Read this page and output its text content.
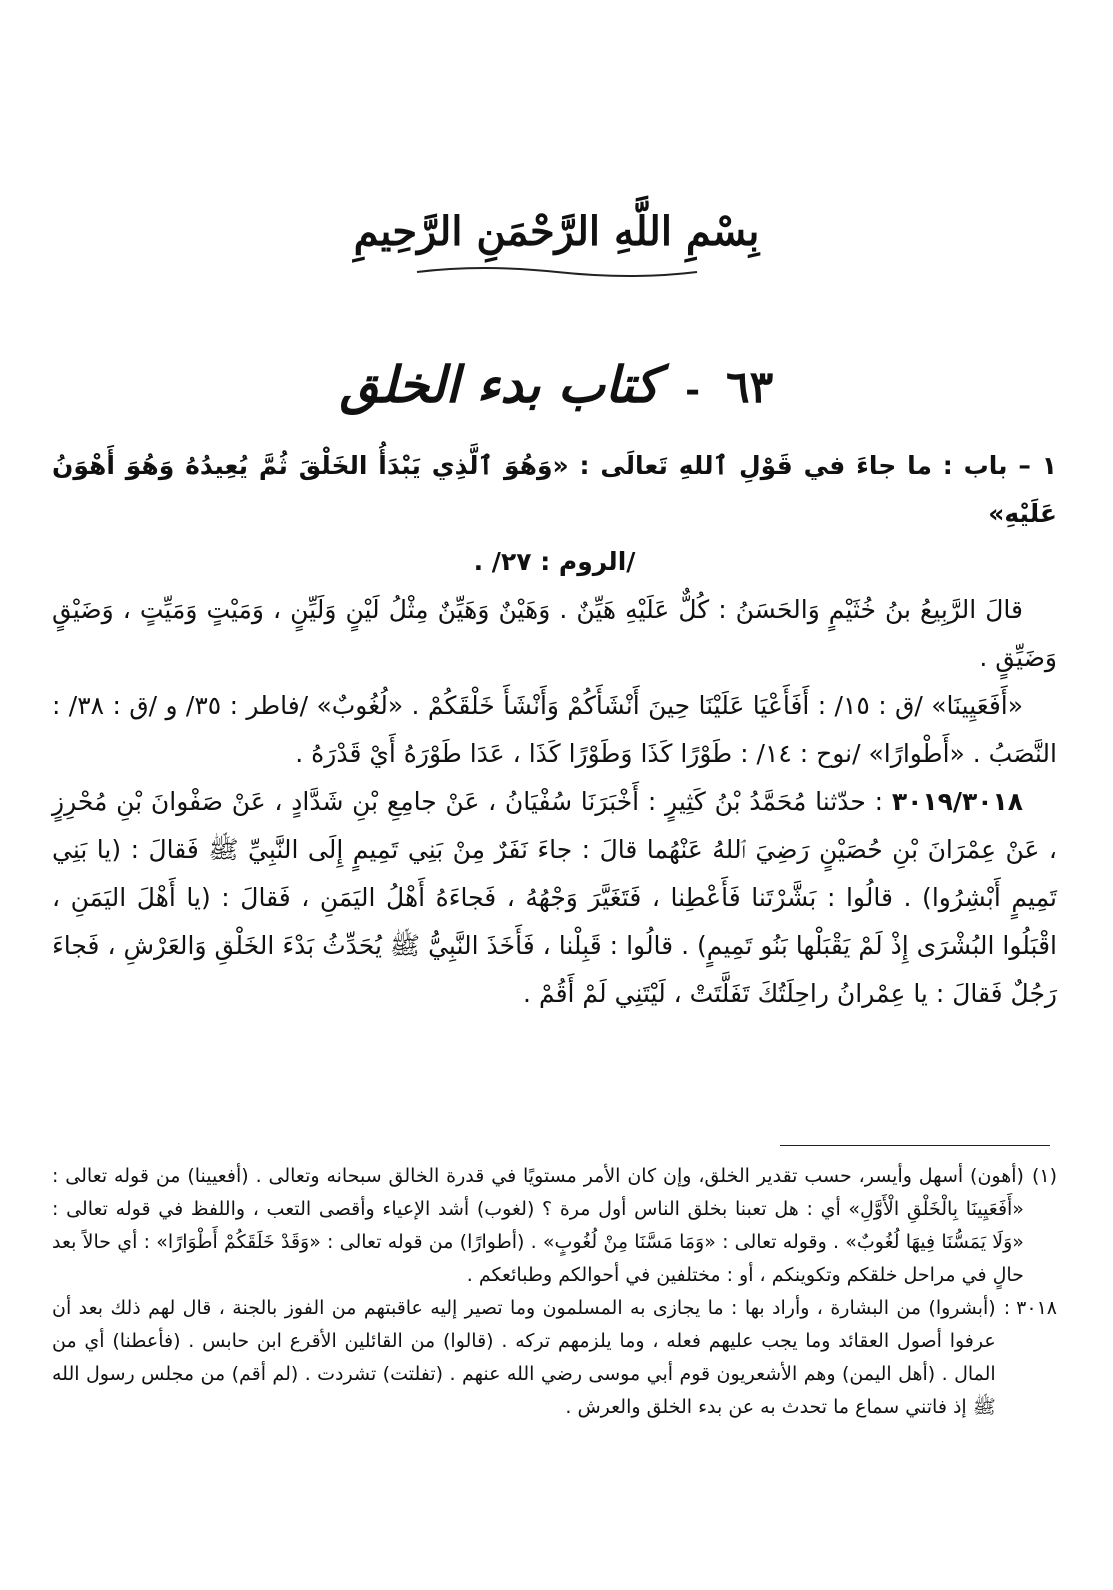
بِسْمِ اللَّهِ الرَّحْمَنِ الرَّحِيمِ
٦٣
-
كتاب بدء الخلق

١ – باب : ما جاءَ في قَوْلِ ٱللهِ تَعالَى : «وَهُوَ ٱلَّذِي يَبْدَأُ الخَلْقَ ثُمَّ يُعِيدُهُ وَهُوَ أَهْوَنُ عَلَيْهِ»

/الروم : ٢٧/ .

قالَ الرَّبِيعُ بنُ خُثَيْمٍ وَالحَسَنُ : كُلٌّ عَلَيْهِ هَيِّنٌ . وَهَيْنٌ وَهَيِّنٌ مِثْلُ لَيْنٍ وَلَيِّنٍ ، وَمَيْتٍ وَمَيِّتٍ ، وَضَيْقٍ وَضَيِّقٍ .

«أَفَعَيِينَا» /ق : ١٥/ : أَفَأَعْيَا عَلَيْنَا حِينَ أَنْشَأَكُمْ وَأَنْشَأَ خَلْقَكُمْ . «لُغُوبٌ» /فاطر : ٣٥/ و /ق : ٣٨/ : النَّصَبُ . «أَطْوارًا» /نوح : ١٤/ : طَوْرًا كَذَا وَطَوْرًا كَذَا ، عَدَا طَوْرَهُ أَيْ قَدْرَهُ .

٣٠١٩/٣٠١٨ : حدّثنا مُحَمَّدُ بْنُ كَثِيرٍ : أَخْبَرَنَا سُفْيَانُ ، عَنْ جامِعِ بْنِ شَدَّادٍ ، عَنْ صَفْوانَ بْنِ مُحْرِزٍ ، عَنْ عِمْرَانَ بْنِ حُصَيْنٍ رَضِيَ ٱللهُ عَنْهُما قالَ : جاءَ نَفَرٌ مِنْ بَنِي تَمِيمٍ إِلَى النَّبِيِّ ﷺ فَقالَ : (يا بَنِي تَمِيمٍ أَبْشِرُوا) . قالُوا : بَشَّرْتَنا فَأَعْطِنا ، فَتَغَيَّرَ وَجْهُهُ ، فَجاءَهُ أَهْلُ اليَمَنِ ، فَقالَ : (يا أَهْلَ اليَمَنِ ، اقْبَلُوا البُشْرَى إِذْ لَمْ يَقْبَلْها بَنُو تَمِيمٍ) . قالُوا : قَبِلْنا ، فَأَخَذَ النَّبِيُّ ﷺ يُحَدِّثُ بَدْءَ الخَلْقِ وَالعَرْشِ ، فَجاءَ رَجُلٌ فَقالَ : يا عِمْرانُ راحِلَتُكَ تَفَلَّتَتْ ، لَيْتَنِي لَمْ أَقُمْ .

(١)
(أهون) أسهل وأيسر، حسب تقدير الخلق، وإن كان الأمر مستويًا في قدرة الخالق سبحانه وتعالى . (أفعيينا) من قوله تعالى : «أَفَعَيِينَا بِالْخَلْقِ الْأَوَّلِ» أي : هل تعبنا بخلق الناس أول مرة ؟ (لغوب) أشد الإعياء وأقصى التعب ، واللفظ في قوله تعالى : «وَلَا يَمَسُّنَا فِيهَا لُغُوبٌ» . وقوله تعالى : «وَمَا مَسَّنَا مِنْ لُغُوبٍ» . (أطوارًا) من قوله تعالى : «وَقَدْ خَلَقَكُمْ أَطْوَارًا» : أي حالاً بعد حالٍ في مراحل خلقكم وتكوينكم ، أو : مختلفين في أحوالكم وطبائعكم .
٣٠١٨ :
(أبشروا) من البشارة ، وأراد بها : ما يجازى به المسلمون وما تصير إليه عاقبتهم من الفوز بالجنة ، قال لهم ذلك بعد أن عرفوا أصول العقائد وما يجب عليهم فعله ، وما يلزمهم تركه . (قالوا) من القائلين الأقرع ابن حابس . (فأعطنا) أي من المال . (أهل اليمن) وهم الأشعريون قوم أبي موسى رضي الله عنهم . (تفلتت) تشردت . (لم أقم) من مجلس رسول الله ﷺ إذ فاتني سماع ما تحدث به عن بدء الخلق والعرش .
